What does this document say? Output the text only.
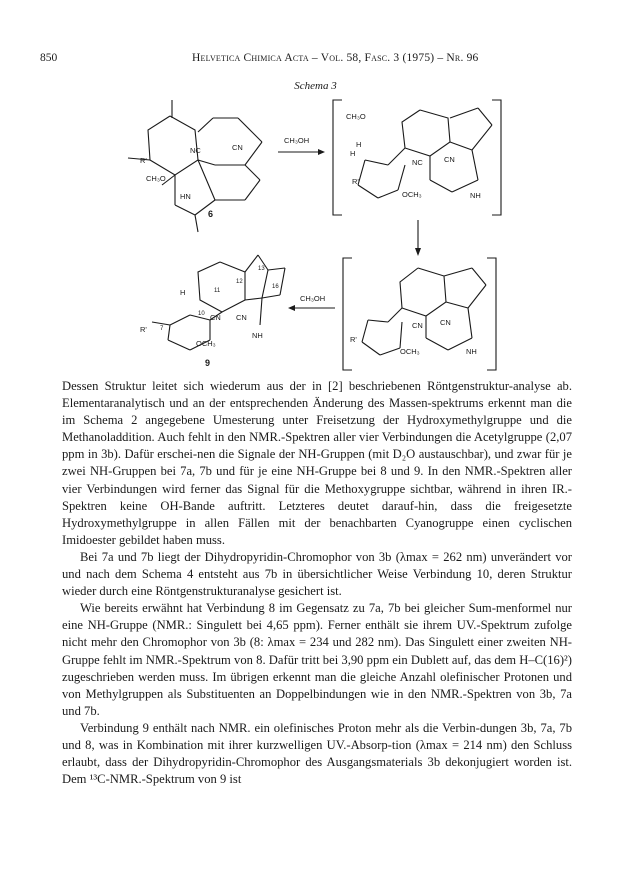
850	Helvetica Chimica Acta – Vol. 58, Fasc. 3 (1975) – Nr. 96
Schema 3
NC	CN
R'
CH₃O
HN
6
CH₃OH
CH₃O
H
H
NC	CN
R'
OCH₃	NH
13
16
12
11
10
7
H
CN CN
R'
OCH₃
NH
9
CH₃OH
CN CN
R'
OCH₃	NH

Dessen Struktur leitet sich wiederum aus der in [2] beschriebenen Röntgenstruktur-analyse ab. Elementaranalytisch und an der entsprechenden Änderung des Massen-spektrums erkennt man die im Schema 2 angegebene Umesterung unter Freisetzung der Hydroxymethylgruppe und die Methanoladdition. Auch fehlt in den NMR.-Spektren aller vier Verbindungen die Acetylgruppe (2,07 ppm in 3b). Dafür erschei-nen die Signale der NH-Gruppen (mit D₂O austauschbar), und zwar für je zwei NH-Gruppen bei 7a, 7b und für je eine NH-Gruppe bei 8 und 9. In den NMR.-Spektren aller vier Verbindungen wird ferner das Signal für die Methoxygruppe sichtbar, während in ihren IR.-Spektren keine OH-Bande auftritt. Letzteres deutet darauf-hin, dass die freigesetzte Hydroxymethylgruppe in allen Fällen mit der benachbarten Cyanogruppe einen cyclischen Imidoester gebildet haben muss.

Bei 7a und 7b liegt der Dihydropyridin-Chromophor von 3b (λmax = 262 nm) unverändert vor und nach dem Schema 4 entsteht aus 7b in übersichtlicher Weise Verbindung 10, deren Struktur wieder durch eine Röntgenstrukturanalyse gesichert ist.

Wie bereits erwähnt hat Verbindung 8 im Gegensatz zu 7a, 7b bei gleicher Sum-menformel nur eine NH-Gruppe (NMR.: Singulett bei 4,65 ppm). Ferner enthält sie ihrem UV.-Spektrum zufolge nicht mehr den Chromophor von 3b (8: λmax = 234 und 282 nm). Das Singulett einer zweiten NH-Gruppe fehlt im NMR.-Spektrum von 8. Dafür tritt bei 3,90 ppm ein Dublett auf, das dem H–C(16)²) zugeschrieben werden muss. Im übrigen erkennt man die gleiche Anzahl olefinischer Protonen und von Methylgruppen als Substituenten an Doppelbindungen wie in den NMR.-Spektren von 3b, 7a und 7b.

Verbindung 9 enthält nach NMR. ein olefinisches Proton mehr als die Verbin-dungen 3b, 7a, 7b und 8, was in Kombination mit ihrer kurzwelligen UV.-Absorp-tion (λmax = 214 nm) den Schluss erlaubt, dass der Dihydropyridin-Chromophor des Ausgangsmaterials 3b dekonjugiert worden ist. Dem ¹³C-NMR.-Spektrum von 9 ist
